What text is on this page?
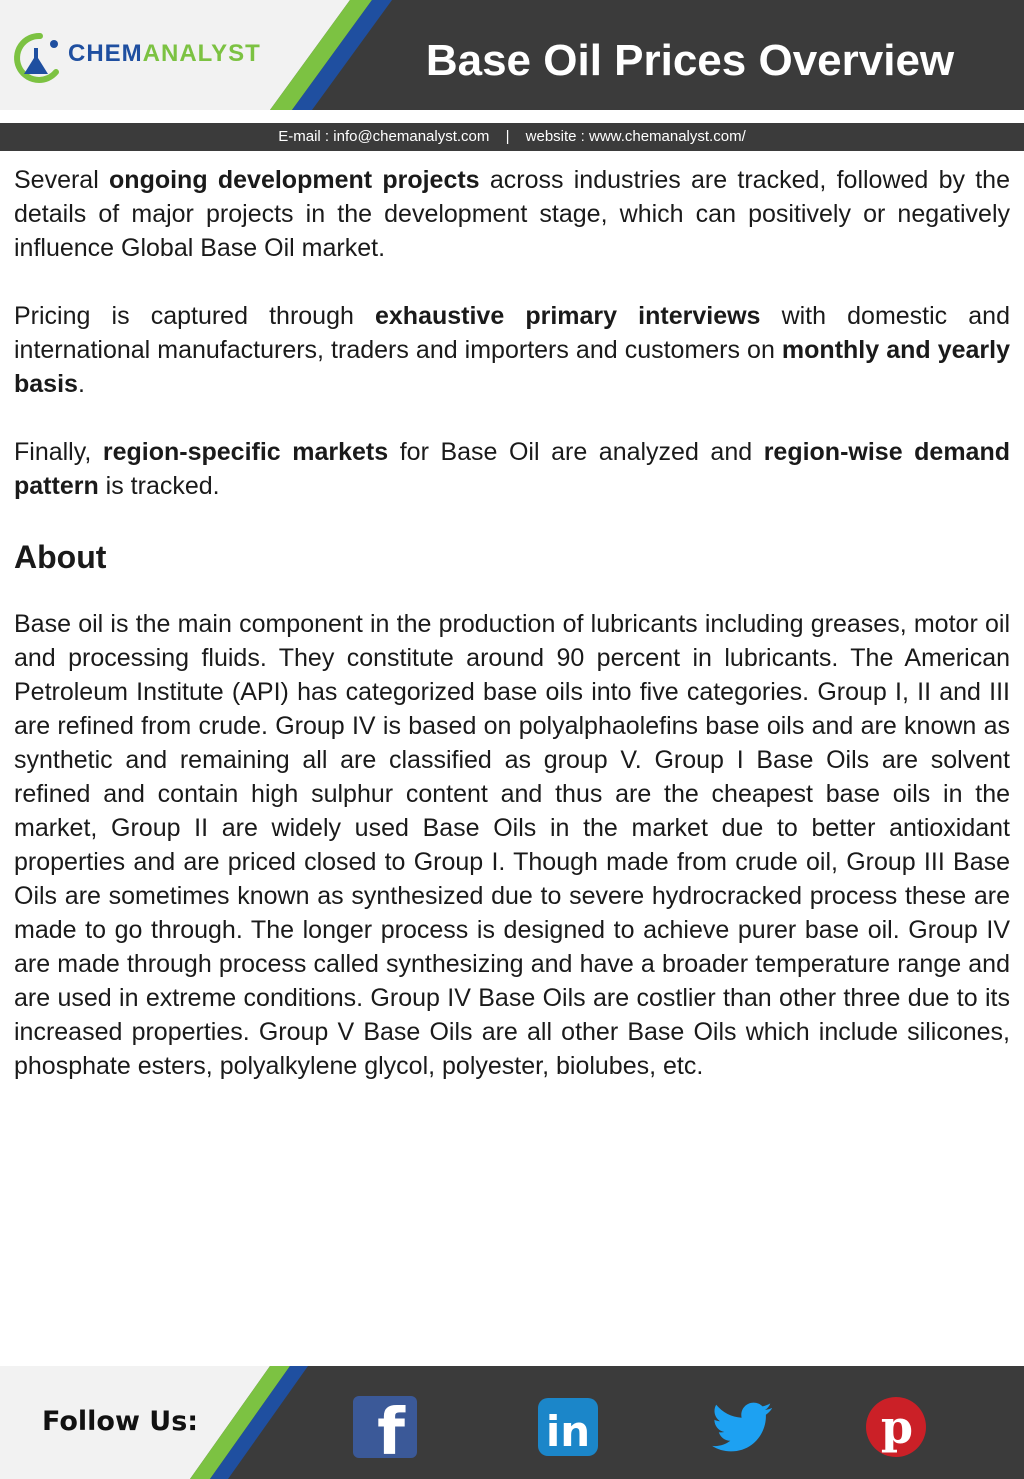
CHEMANALYST	Base Oil Prices Overview
E-mail : info@chemanalyst.com | website : www.chemanalyst.com/

Several ongoing development projects across industries are tracked, followed by the details of major projects in the development stage, which can positively or negatively influence Global Base Oil market.

Pricing is captured through exhaustive primary interviews with domestic and international manufacturers, traders and importers and customers on monthly and yearly basis.

Finally, region-specific markets for Base Oil are analyzed and region-wise demand pattern is tracked.

About

Base oil is the main component in the production of lubricants including greases, motor oil and processing fluids. They constitute around 90 percent in lubricants. The American Petroleum Institute (API) has categorized base oils into five categories. Group I, II and III are refined from crude. Group IV is based on polyalphaolefins base oils and are known as synthetic and remaining all are classified as group V. Group I Base Oils are solvent refined and contain high sulphur content and thus are the cheapest base oils in the market, Group II are widely used Base Oils in the market due to better antioxidant properties and are priced closed to Group I. Though made from crude oil, Group III Base Oils are sometimes known as synthesized due to severe hydrocracked process these are made to go through. The longer process is designed to achieve purer base oil. Group IV are made through process called synthesizing and have a broader temperature range and are used in extreme conditions. Group IV Base Oils are costlier than other three due to its increased properties. Group V Base Oils are all other Base Oils which include silicones, phosphate esters, polyalkylene glycol, polyester, biolubes, etc.

Follow Us:	f	in	p
